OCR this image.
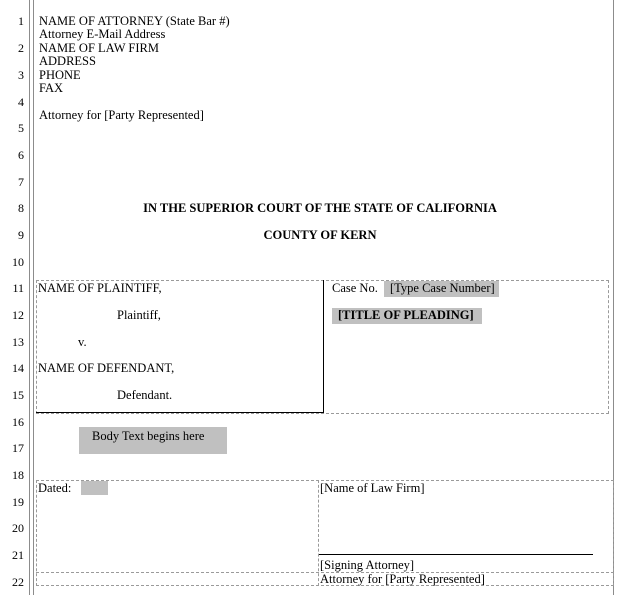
1
2
3
4
5
6
7
8
9
10
11
12
13
14
15
16
17
18
19
20
21
22
NAME OF ATTORNEY (State Bar #)
Attorney E-Mail Address
NAME OF LAW FIRM
ADDRESS
PHONE
FAX
Attorney for [Party Represented]
IN THE SUPERIOR COURT OF THE STATE OF CALIFORNIA
COUNTY OF KERN
NAME OF PLAINTIFF,
Plaintiff,
v.
NAME OF DEFENDANT,
Defendant.
Case No. [Type Case Number]
[TITLE OF PLEADING]
Body Text begins here
Dated:	[Name of Law Firm]
[Signing Attorney]
Attorney for [Party Represented]
